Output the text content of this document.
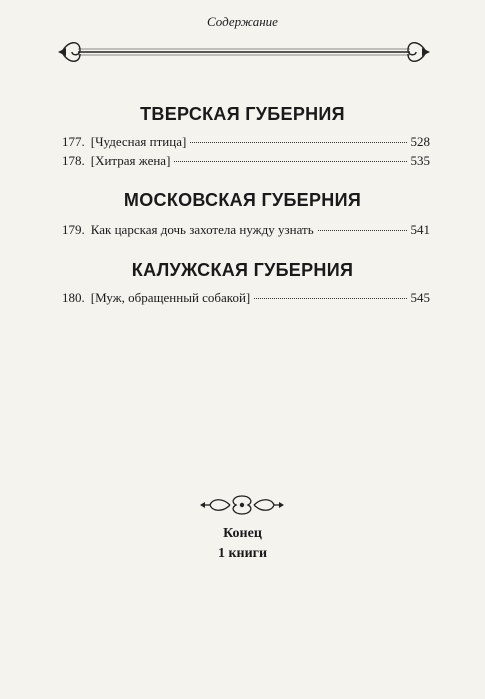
Содержание
ТВЕРСКАЯ ГУБЕРНИЯ
177. [Чудесная птица]	528
178. [Хитрая жена]	535
МОСКОВСКАЯ ГУБЕРНИЯ
179. Как царская дочь захотела нужду узнать	541
КАЛУЖСКАЯ ГУБЕРНИЯ
180. [Муж, обращенный собакой]	545
Конец
1 книги
